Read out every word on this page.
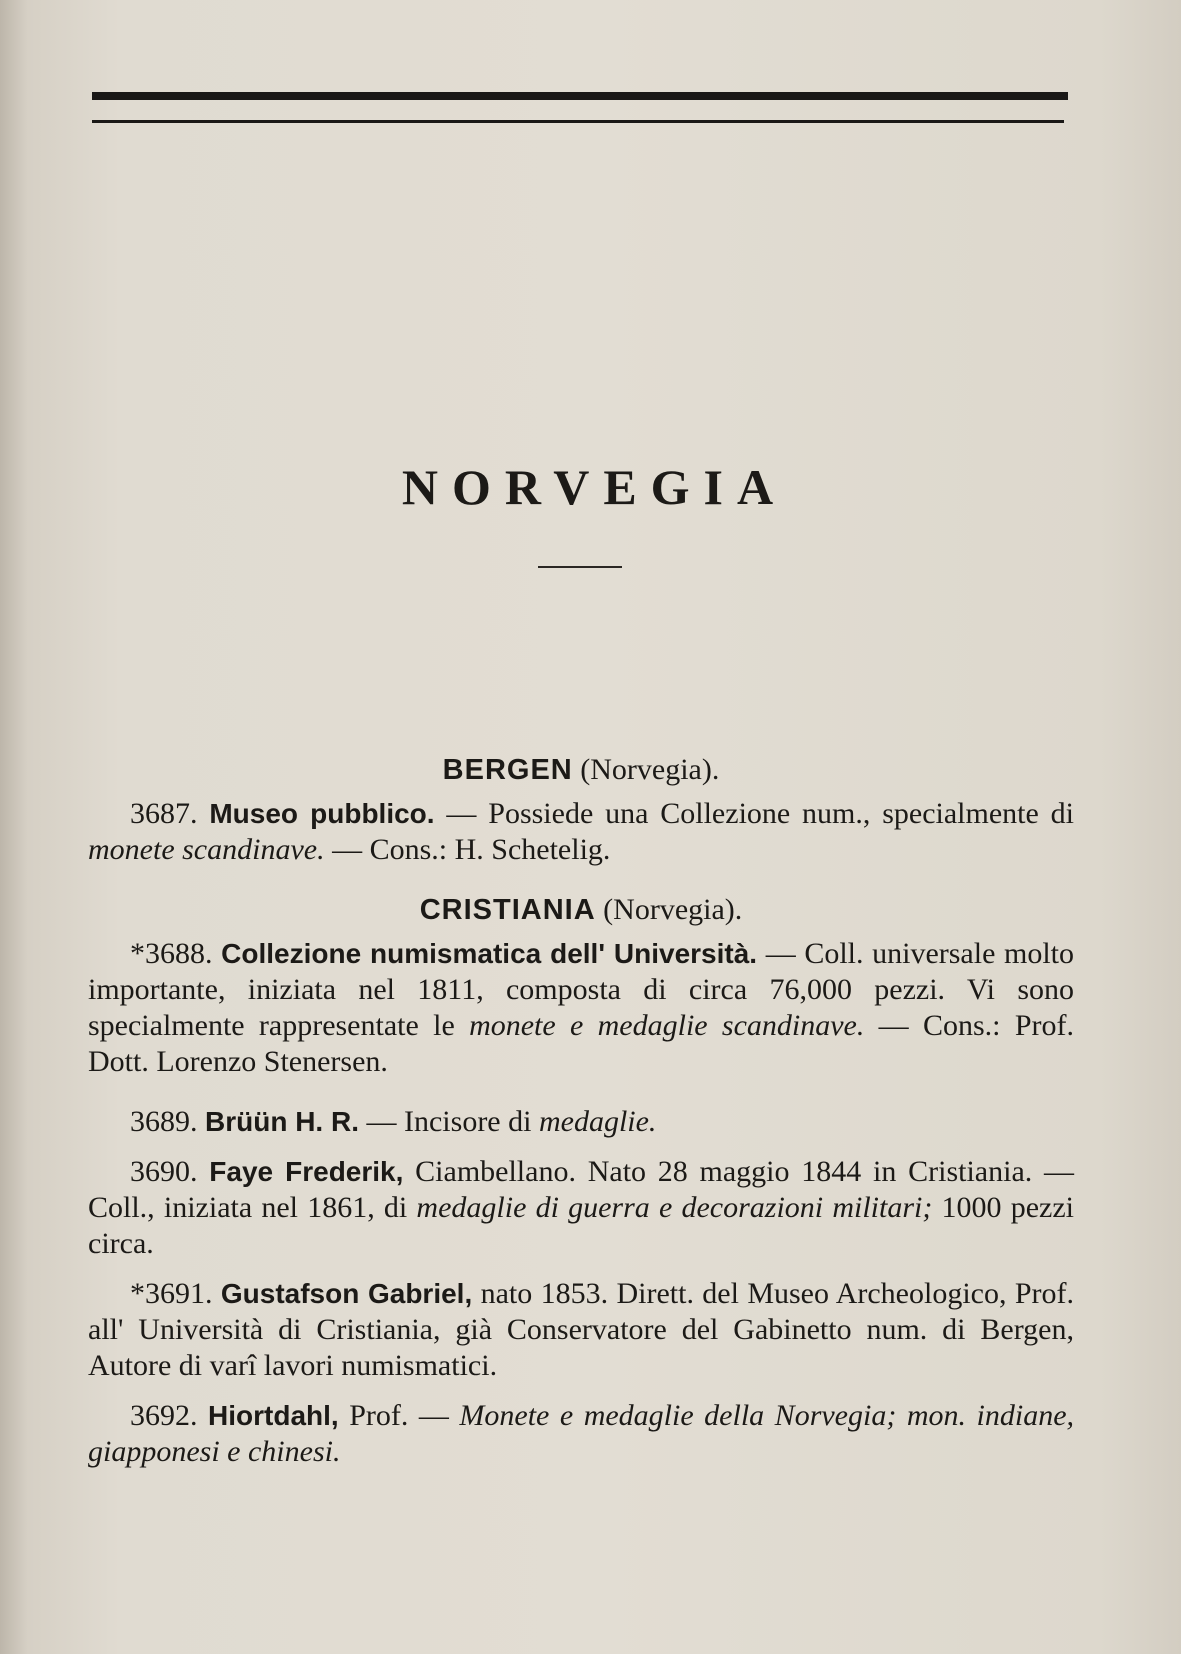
NORVEGIA

BERGEN (Norvegia).

3687. Museo pubblico. — Possiede una Collezione num., specialmente di monete scandinave. — Cons.: H. Schetelig.

CRISTIANIA (Norvegia).

*3688. Collezione numismatica dell' Università. — Coll. universale molto importante, iniziata nel 1811, composta di circa 76,000 pezzi. Vi sono specialmente rappresentate le monete e medaglie scandinave. — Cons.: Prof. Dott. Lorenzo Stenersen.

3689. Brüün H. R. — Incisore di medaglie.

3690. Faye Frederik, Ciambellano. Nato 28 maggio 1844 in Cristiania. — Coll., iniziata nel 1861, di medaglie di guerra e decorazioni militari; 1000 pezzi circa.

*3691. Gustafson Gabriel, nato 1853. Dirett. del Museo Archeologico, Prof. all' Università di Cristiania, già Conservatore del Gabinetto num. di Bergen, Autore di varî lavori numismatici.

3692. Hiortdahl, Prof. — Monete e medaglie della Norvegia; mon. indiane, giapponesi e chinesi.
